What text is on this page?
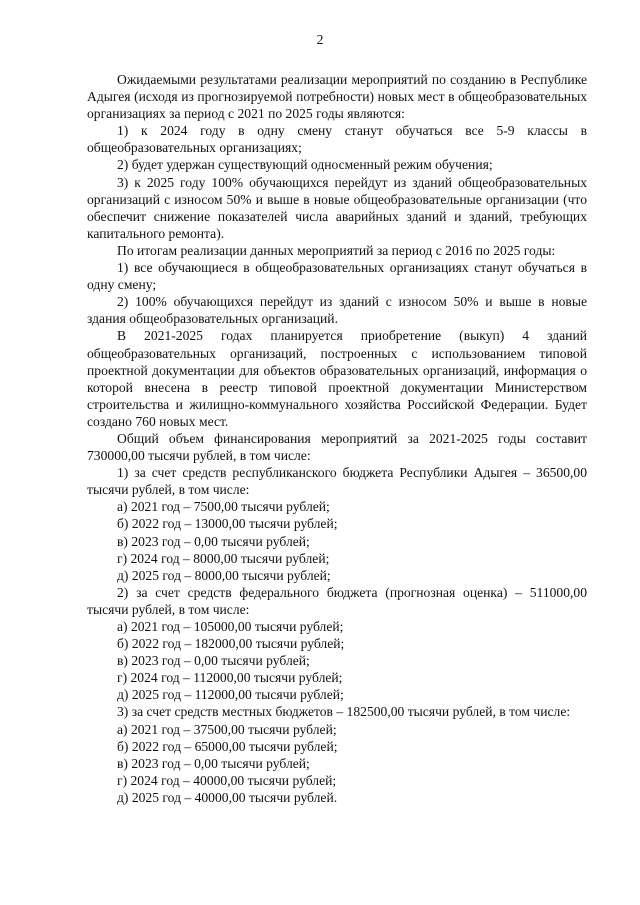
2

Ожидаемыми результатами реализации мероприятий по созданию в Республике Адыгея (исходя из прогнозируемой потребности) новых мест в общеобразовательных организациях за период с 2021 по 2025 годы являются:

1) к 2024 году в одну смену станут обучаться все 5-9 классы в общеобразовательных организациях;

2) будет удержан существующий односменный режим обучения;

3) к 2025 году 100% обучающихся перейдут из зданий общеобразовательных организаций с износом 50% и выше в новые общеобразовательные организации (что обеспечит снижение показателей числа аварийных зданий и зданий, требующих капитального ремонта).

По итогам реализации данных мероприятий за период с 2016 по 2025 годы:

1) все обучающиеся в общеобразовательных организациях станут обучаться в одну смену;

2) 100% обучающихся перейдут из зданий с износом 50% и выше в новые здания общеобразовательных организаций.

В 2021-2025 годах планируется приобретение (выкуп) 4 зданий общеобразовательных организаций, построенных с использованием типовой проектной документации для объектов образовательных организаций, информация о которой внесена в реестр типовой проектной документации Министерством строительства и жилищно-коммунального хозяйства Российской Федерации. Будет создано 760 новых мест.

Общий объем финансирования мероприятий за 2021-2025 годы составит 730000,00 тысячи рублей, в том числе:

1) за счет средств республиканского бюджета Республики Адыгея – 36500,00 тысячи рублей, в том числе:

а) 2021 год – 7500,00 тысячи рублей;

б) 2022 год – 13000,00 тысячи рублей;

в) 2023 год – 0,00 тысячи рублей;

г) 2024 год – 8000,00 тысячи рублей;

д) 2025 год – 8000,00 тысячи рублей;

2) за счет средств федерального бюджета (прогнозная оценка) – 511000,00 тысячи рублей, в том числе:

а) 2021 год – 105000,00 тысячи рублей;

б) 2022 год – 182000,00 тысячи рублей;

в) 2023 год – 0,00 тысячи рублей;

г) 2024 год – 112000,00 тысячи рублей;

д) 2025 год – 112000,00 тысячи рублей;

3) за счет средств местных бюджетов – 182500,00 тысячи рублей, в том числе:

а) 2021 год – 37500,00 тысячи рублей;

б) 2022 год – 65000,00 тысячи рублей;

в) 2023 год – 0,00 тысячи рублей;

г) 2024 год – 40000,00 тысячи рублей;

д) 2025 год – 40000,00 тысячи рублей.
